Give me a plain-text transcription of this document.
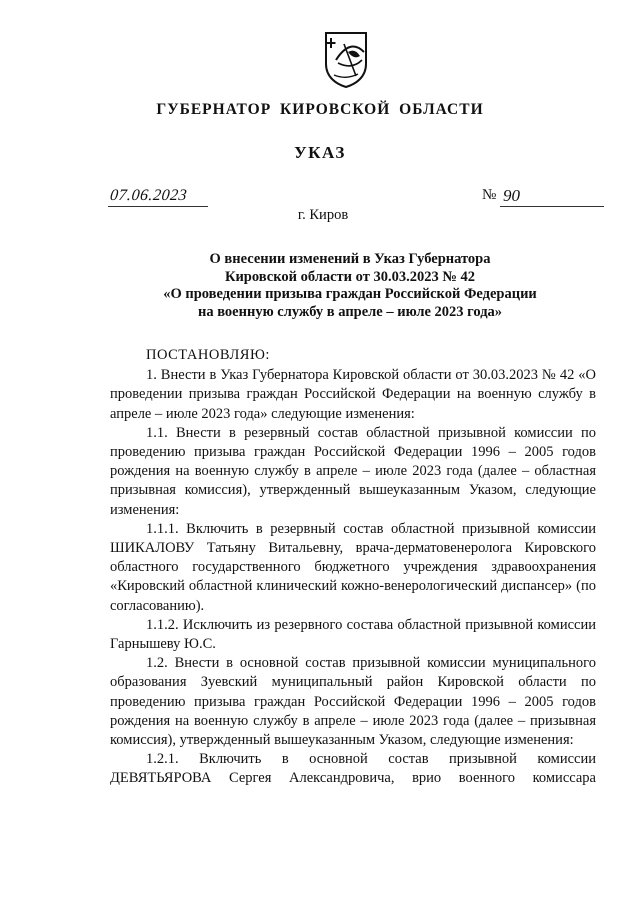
ГУБЕРНАТОР КИРОВСКОЙ ОБЛАСТИ
УКАЗ
07.06.2023	№ 90
г. Киров
О внесении изменений в Указ Губернатора
Кировской области от 30.03.2023 № 42
«О проведении призыва граждан Российской Федерации
на военную службу в апреле – июле 2023 года»

ПОСТАНОВЛЯЮ:

1. Внести в Указ Губернатора Кировской области от 30.03.2023 № 42 «О проведении призыва граждан Российской Федерации на военную службу в апреле – июле 2023 года» следующие изменения:

1.1. Внести в резервный состав областной призывной комиссии по проведению призыва граждан Российской Федерации 1996 – 2005 годов рождения на военную службу в апреле – июле 2023 года (далее – областная призывная комиссия), утвержденный вышеуказанным Указом, следующие изменения:

1.1.1. Включить в резервный состав областной призывной комиссии ШИКАЛОВУ Татьяну Витальевну, врача-дерматовенеролога Кировского областного государственного бюджетного учреждения здравоохранения «Кировский областной клинический кожно-венерологический диспансер» (по согласованию).

1.1.2. Исключить из резервного состава областной призывной комиссии Гарнышеву Ю.С.

1.2. Внести в основной состав призывной комиссии муниципального образования Зуевский муниципальный район Кировской области по проведению призыва граждан Российской Федерации 1996 – 2005 годов рождения на военную службу в апреле – июле 2023 года (далее – призывная комиссия), утвержденный вышеуказанным Указом, следующие изменения:

1.2.1. Включить в основной состав призывной комиссии ДЕВЯТЬЯРОВА Сергея Александровича, врио военного комиссара
